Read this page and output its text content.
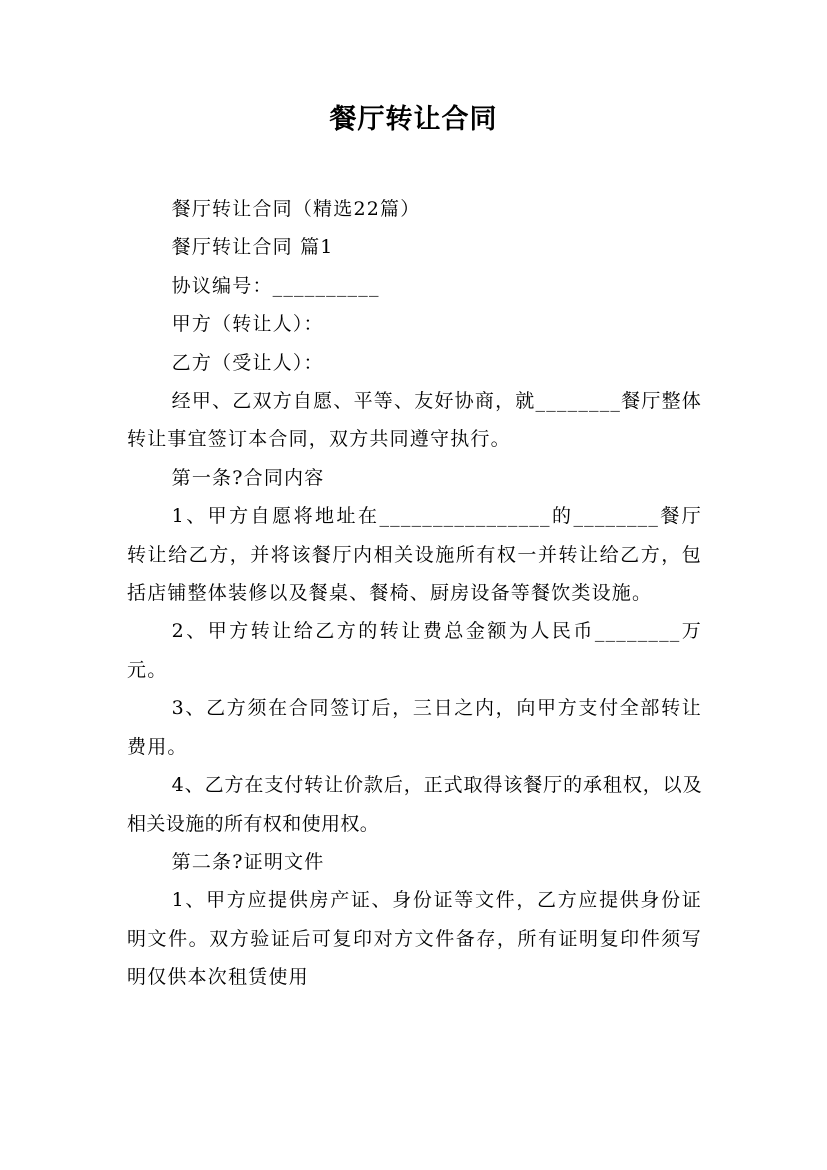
餐厅转让合同

餐厅转让合同（精选22篇）

餐厅转让合同 篇1

协议编号：__________

甲方（转让人）：

乙方（受让人）：

经甲、乙双方自愿、平等、友好协商，就________餐厅整体转让事宜签订本合同，双方共同遵守执行。

第一条?合同内容

1、甲方自愿将地址在________________的________餐厅转让给乙方，并将该餐厅内相关设施所有权一并转让给乙方，包括店铺整体装修以及餐桌、餐椅、厨房设备等餐饮类设施。

2、甲方转让给乙方的转让费总金额为人民币________万元。

3、乙方须在合同签订后，三日之内，向甲方支付全部转让费用。

4、乙方在支付转让价款后，正式取得该餐厅的承租权，以及相关设施的所有权和使用权。

第二条?证明文件

1、甲方应提供房产证、身份证等文件，乙方应提供身份证明文件。双方验证后可复印对方文件备存，所有证明复印件须写明仅供本次租赁使用
